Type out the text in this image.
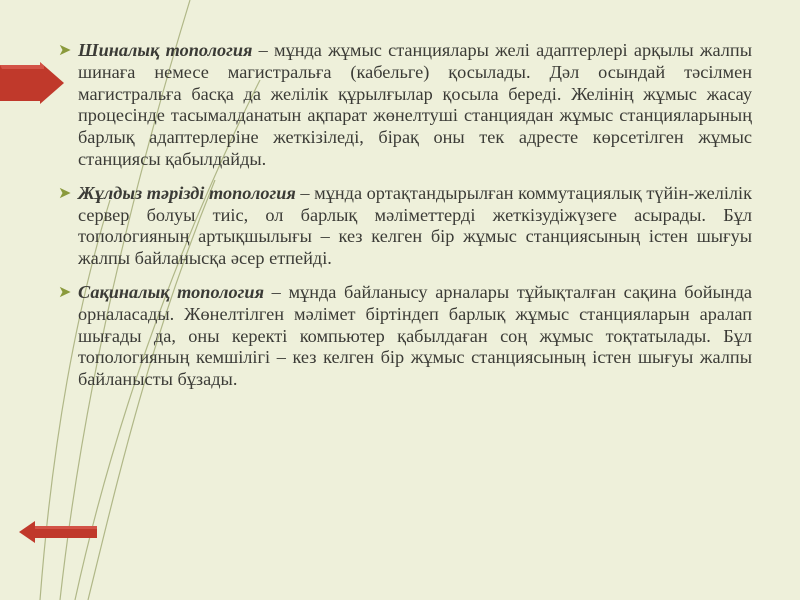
➤ Шиналық топология – мұнда жұмыс станциялары желі адаптерлері арқылы жалпы шинаға немесе магистральға (кабельге) қосылады. Дәл осындай тәсілмен магистральға басқа да желілік құрылғылар қосыла береді. Желінің жұмыс жасау процесінде тасымалданатын ақпарат жөнелтуші станциядан жұмыс станцияларының барлық адаптерлеріне жеткізіледі, бірақ оны тек адресте көрсетілген жұмыс станциясы қабылдайды.
➤ Жұлдыз тәрізді топология – мұнда ортақтандырылған коммутациялық түйін-желілік сервер болуы тиіс, ол барлық мәліметтерді жеткізудіжүзеге асырады. Бұл топологияның артықшылығы – кез келген бір жұмыс станциясының істен шығуы жалпы байланысқа әсер етпейді.
➤ Сақиналық топология – мұнда байланысу арналары тұйықталған сақина бойында орналасады. Жөнелтілген мәлімет біртіндеп барлық жұмыс станцияларын аралап шығады да, оны керекті компьютер қабылдаған соң жұмыс тоқтатылады. Бұл топологияның кемшілігі – кез келген бір жұмыс станциясының істен шығуы жалпы байланысты бұзады.
